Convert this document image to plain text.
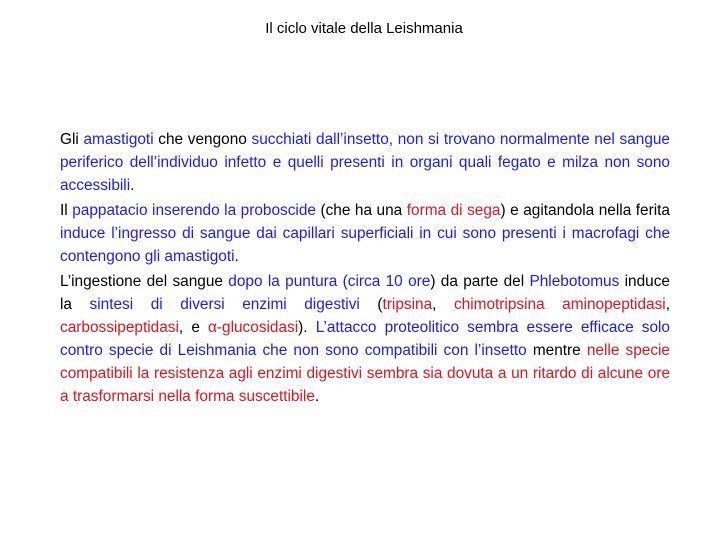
Il ciclo vitale della Leishmania

Gli amastigoti che vengono succhiati dall’insetto, non si trovano normalmente nel sangue periferico dell’individuo infetto e quelli presenti in organi quali fegato e milza non sono accessibili.

Il pappatacio inserendo la proboscide (che ha una forma di sega) e agitandola nella ferita induce l’ingresso di sangue dai capillari superficiali in cui sono presenti i macrofagi che contengono gli amastigoti.

L’ingestione del sangue dopo la puntura (circa 10 ore) da parte del Phlebotomus induce la sintesi di diversi enzimi digestivi (tripsina, chimotripsina aminopeptidasi, carbossipeptidasi, e α-glucosidasi). L’attacco proteolitico sembra essere efficace solo contro specie di Leishmania che non sono compatibili con l’insetto mentre nelle specie compatibili la resistenza agli enzimi digestivi sembra sia dovuta a un ritardo di alcune ore a trasformarsi nella forma suscettibile.
